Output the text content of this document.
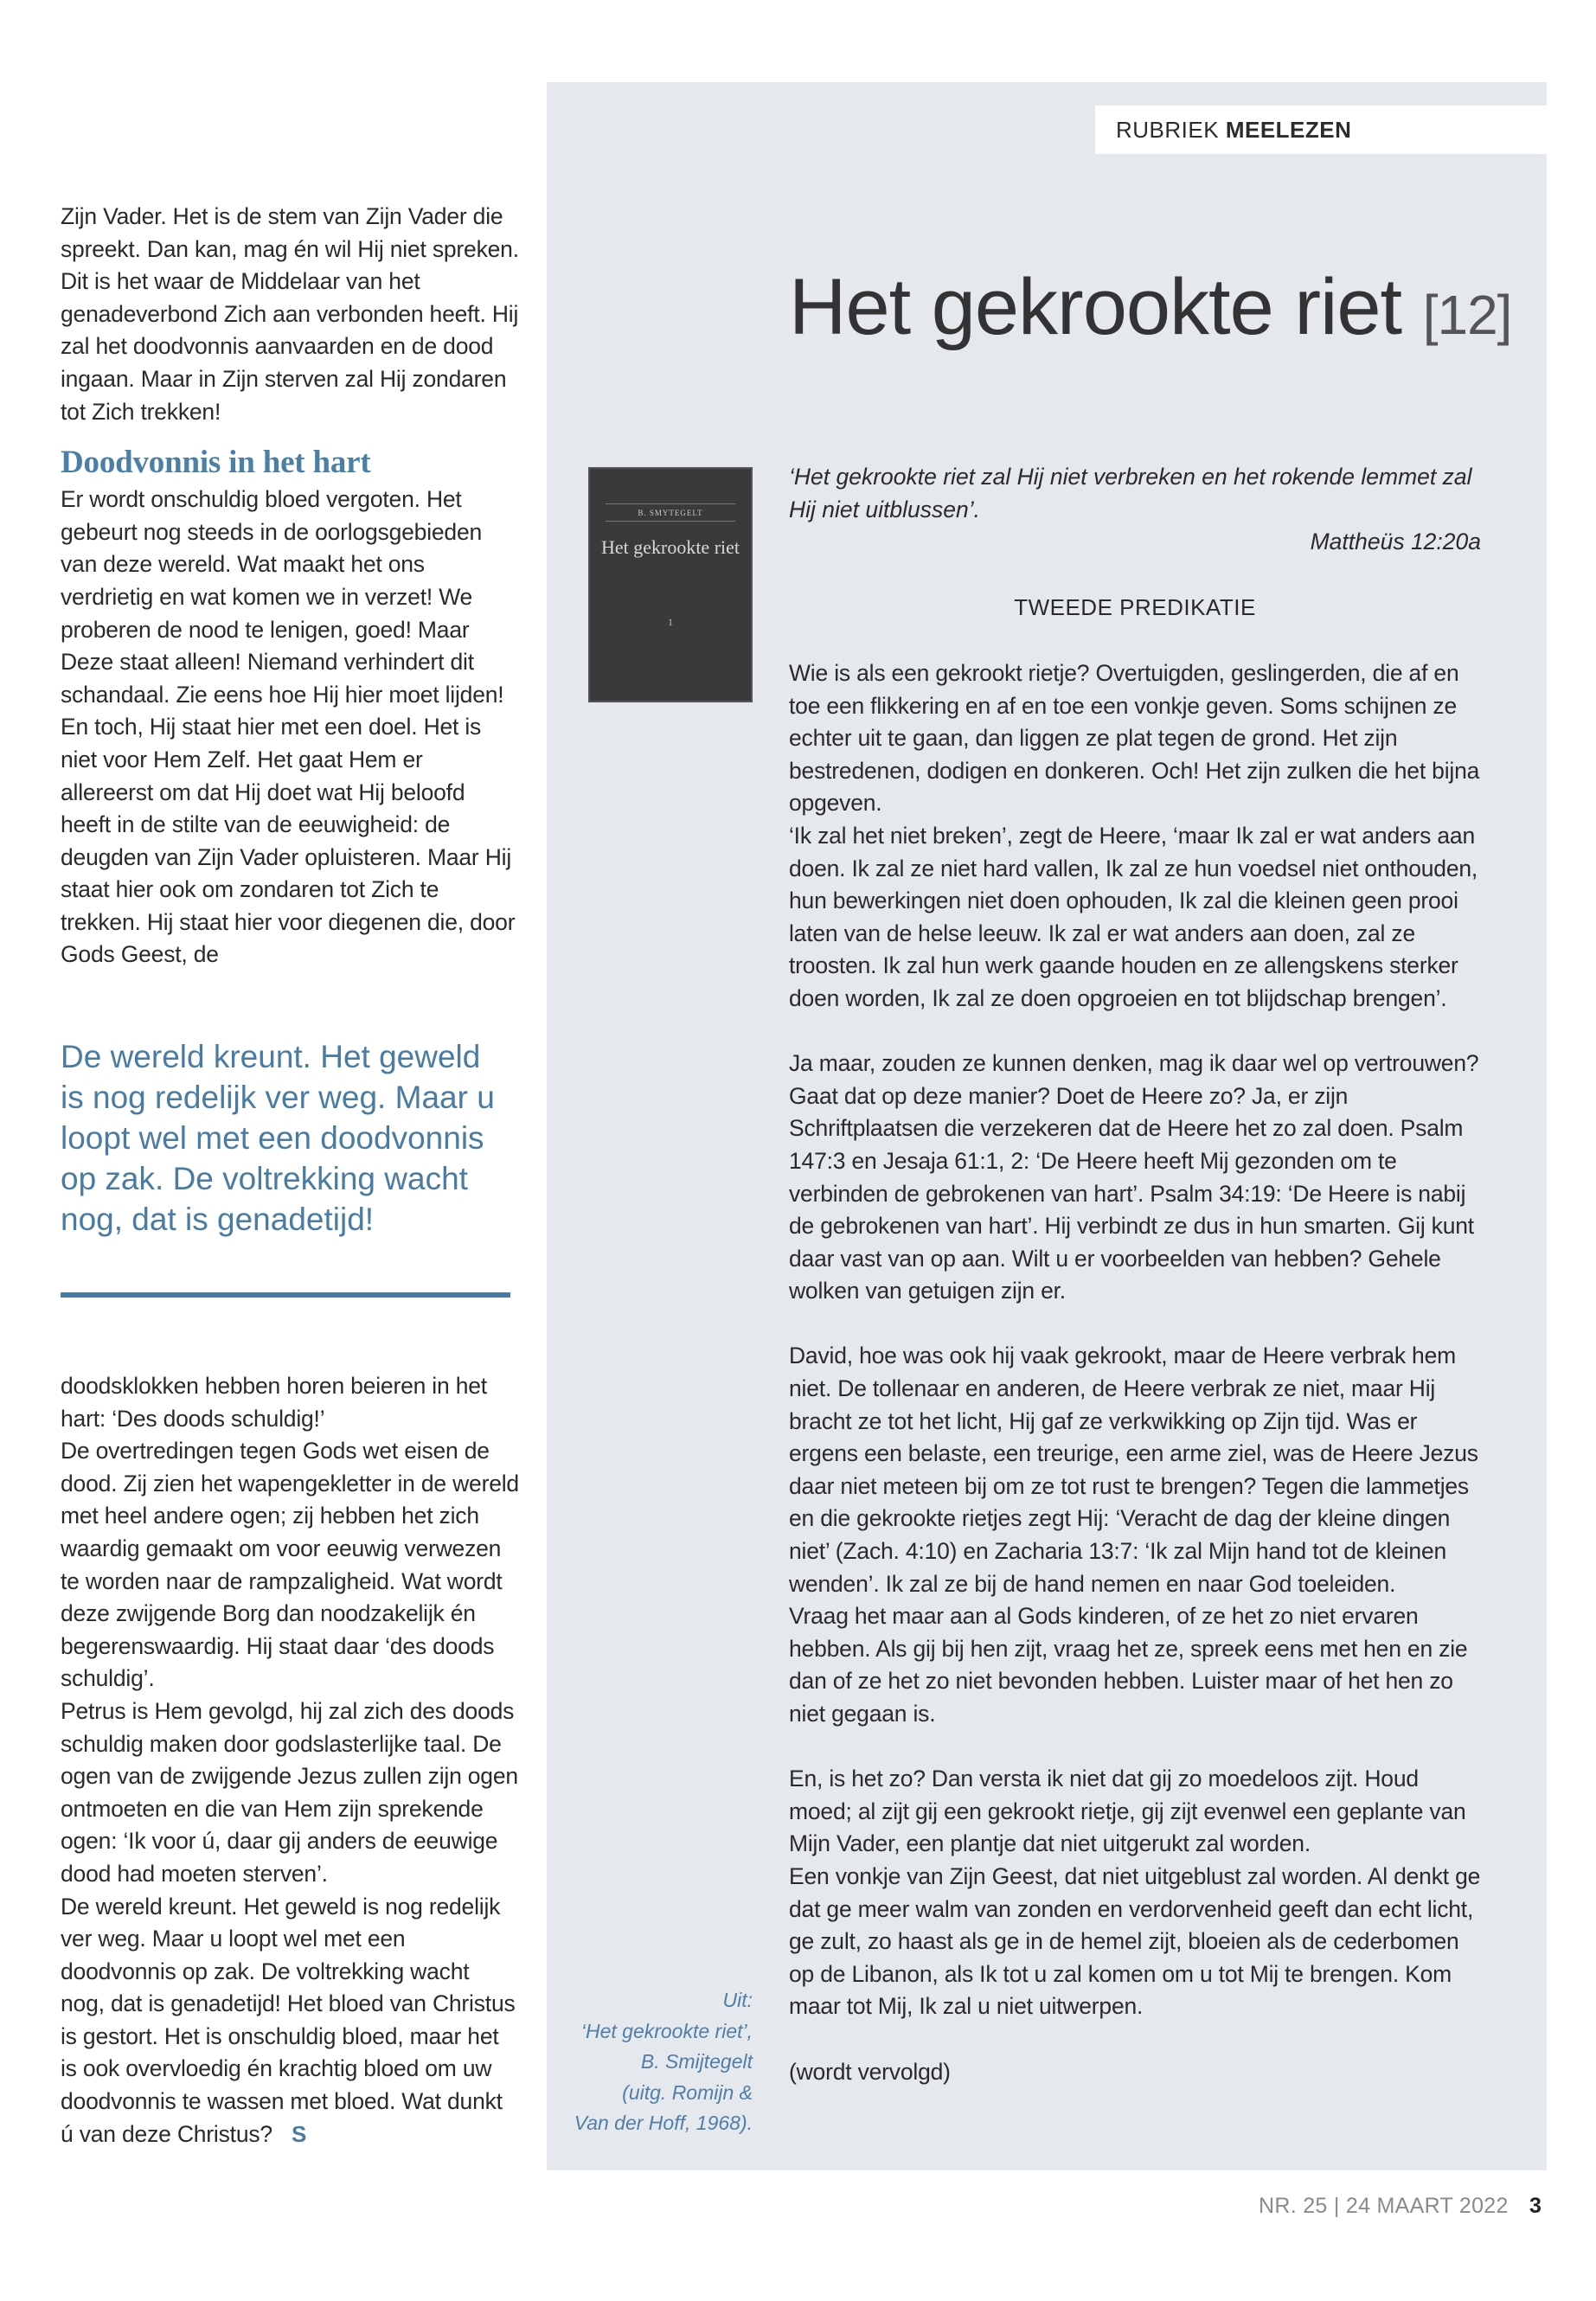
Zijn Vader. Het is de stem van Zijn Vader die spreekt. Dan kan, mag én wil Hij niet spreken. Dit is het waar de Middelaar van het genadeverbond Zich aan verbonden heeft. Hij zal het doodvonnis aanvaarden en de dood ingaan. Maar in Zijn sterven zal Hij zondaren tot Zich trekken!

Doodvonnis in het hart

Er wordt onschuldig bloed vergoten. Het gebeurt nog steeds in de oorlogsgebieden van deze wereld. Wat maakt het ons verdrietig en wat komen we in verzet! We proberen de nood te lenigen, goed! Maar Deze staat alleen! Niemand verhindert dit schandaal. Zie eens hoe Hij hier moet lijden! En toch, Hij staat hier met een doel. Het is niet voor Hem Zelf. Het gaat Hem er allereerst om dat Hij doet wat Hij beloofd heeft in de stilte van de eeuwigheid: de deugden van Zijn Vader opluisteren. Maar Hij staat hier ook om zondaren tot Zich te trekken. Hij staat hier voor diegenen die, door Gods Geest, de

De wereld kreunt. Het geweld is nog redelijk ver weg. Maar u loopt wel met een doodvonnis op zak. De voltrekking wacht nog, dat is genadetijd!

doodsklokken hebben horen beieren in het hart: ‘Des doods schuldig!’

De overtredingen tegen Gods wet eisen de dood. Zij zien het wapengekletter in de wereld met heel andere ogen; zij hebben het zich waardig gemaakt om voor eeuwig verwezen te worden naar de rampzaligheid. Wat wordt deze zwijgende Borg dan noodzakelijk én begerenswaardig. Hij staat daar ‘des doods schuldig’.

Petrus is Hem gevolgd, hij zal zich des doods schuldig maken door godslasterlijke taal. De ogen van de zwijgende Jezus zullen zijn ogen ontmoeten en die van Hem zijn sprekende ogen: ‘Ik voor ú, daar gij anders de eeuwige dood had moeten sterven’.

De wereld kreunt. Het geweld is nog redelijk ver weg. Maar u loopt wel met een doodvonnis op zak. De voltrekking wacht nog, dat is genadetijd! Het bloed van Christus is gestort. Het is onschuldig bloed, maar het is ook overvloedig én krachtig bloed om uw doodvonnis te wassen met bloed. Wat dunkt ú van deze Christus? S

RUBRIEK MEELEZEN
Het gekrookte riet [12]
B. SMYTEGELT
Het gekrookte riet
1
‘Het gekrookte riet zal Hij niet verbreken en het rokende lemmet zal Hij niet uitblussen’.
Mattheüs 12:20a
TWEEDE PREDIKATIE

Wie is als een gekrookt rietje? Overtuigden, geslingerden, die af en toe een flikkering en af en toe een vonkje geven. Soms schijnen ze echter uit te gaan, dan liggen ze plat tegen de grond. Het zijn bestredenen, dodigen en donkeren. Och! Het zijn zulken die het bijna opgeven.

‘Ik zal het niet breken’, zegt de Heere, ‘maar Ik zal er wat anders aan doen. Ik zal ze niet hard vallen, Ik zal ze hun voedsel niet onthouden, hun bewerkingen niet doen ophouden, Ik zal die kleinen geen prooi laten van de helse leeuw. Ik zal er wat anders aan doen, zal ze troosten. Ik zal hun werk gaande houden en ze allengskens sterker doen worden, Ik zal ze doen opgroeien en tot blijdschap brengen’.

Ja maar, zouden ze kunnen denken, mag ik daar wel op vertrouwen? Gaat dat op deze manier? Doet de Heere zo? Ja, er zijn Schriftplaatsen die verzekeren dat de Heere het zo zal doen. Psalm 147:3 en Jesaja 61:1, 2: ‘De Heere heeft Mij gezonden om te verbinden de gebrokenen van hart’. Psalm 34:19: ‘De Heere is nabij de gebrokenen van hart’. Hij verbindt ze dus in hun smarten. Gij kunt daar vast van op aan. Wilt u er voorbeelden van hebben? Gehele wolken van getuigen zijn er.

David, hoe was ook hij vaak gekrookt, maar de Heere verbrak hem niet. De tollenaar en anderen, de Heere verbrak ze niet, maar Hij bracht ze tot het licht, Hij gaf ze verkwikking op Zijn tijd. Was er ergens een belaste, een treurige, een arme ziel, was de Heere Jezus daar niet meteen bij om ze tot rust te brengen? Tegen die lammetjes en die gekrookte rietjes zegt Hij: ‘Veracht de dag der kleine dingen niet’ (Zach. 4:10) en Zacharia 13:7: ‘Ik zal Mijn hand tot de kleinen wenden’. Ik zal ze bij de hand nemen en naar God toeleiden.

Vraag het maar aan al Gods kinderen, of ze het zo niet ervaren hebben. Als gij bij hen zijt, vraag het ze, spreek eens met hen en zie dan of ze het zo niet bevonden hebben. Luister maar of het hen zo niet gegaan is.

En, is het zo? Dan versta ik niet dat gij zo moedeloos zijt. Houd moed; al zijt gij een gekrookt rietje, gij zijt evenwel een geplante van Mijn Vader, een plantje dat niet uitgerukt zal worden.

Een vonkje van Zijn Geest, dat niet uitgeblust zal worden. Al denkt ge dat ge meer walm van zonden en verdorvenheid geeft dan echt licht, ge zult, zo haast als ge in de hemel zijt, bloeien als de cederbomen op de Libanon, als Ik tot u zal komen om u tot Mij te brengen. Kom maar tot Mij, Ik zal u niet uitwerpen.

(wordt vervolgd)

Uit:
‘Het gekrookte riet’,
B. Smijtegelt
(uitg. Romijn &
Van der Hoff, 1968).
NR. 25 | 24 MAART 2022 3
